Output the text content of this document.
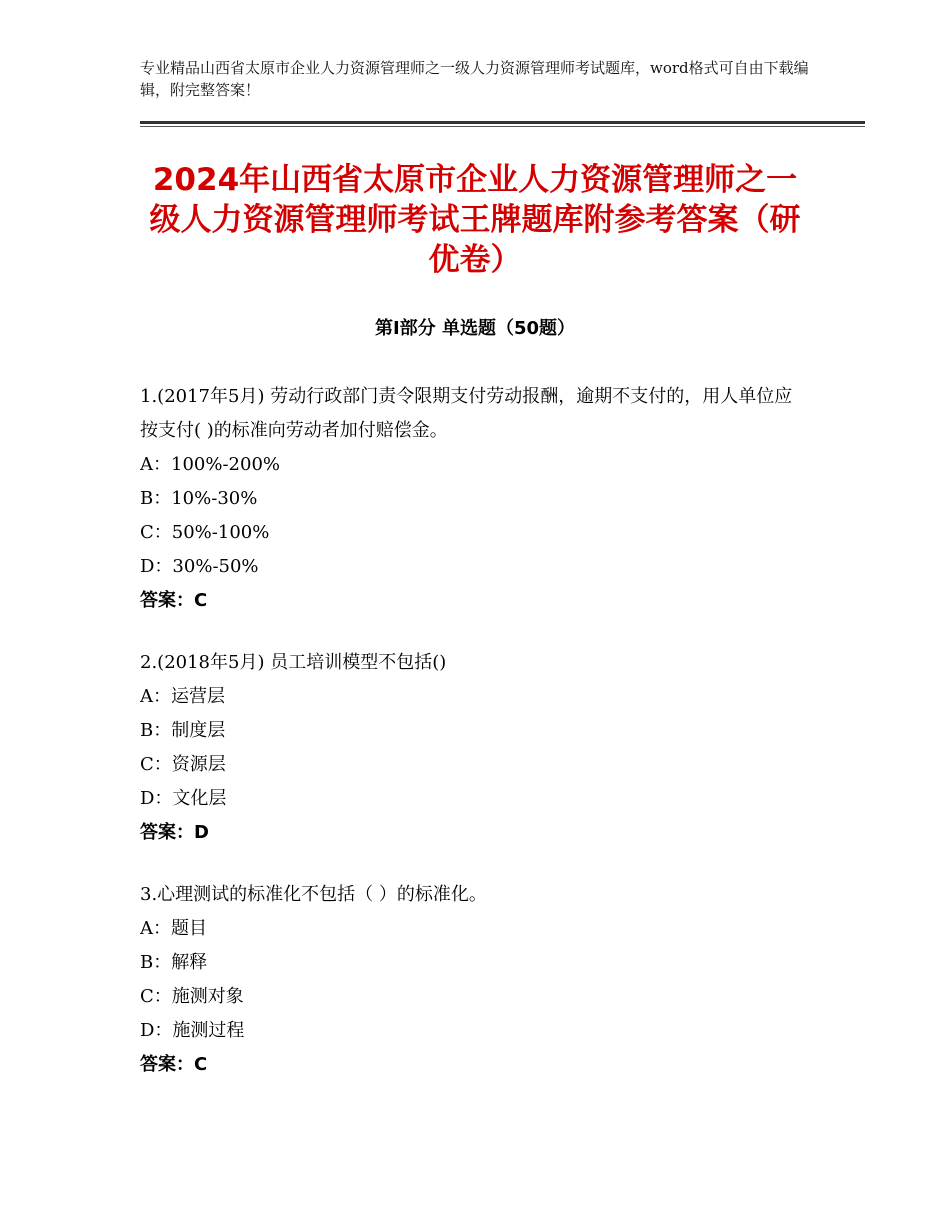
专业精品山西省太原市企业人力资源管理师之一级人力资源管理师考试题库，word格式可自由下载编辑，附完整答案！
2024年山西省太原市企业人力资源管理师之一级人力资源管理师考试王牌题库附参考答案（研优卷）
第Ⅰ部分 单选题（50题）

1.(2017年5月) 劳动行政部门责令限期支付劳动报酬，逾期不支付的，用人单位应按支付( )的标准向劳动者加付赔偿金。

A：100%-200%

B：10%-30%

C：50%-100%

D：30%-50%

答案：C

2.(2018年5月) 员工培训模型不包括()

A：运营层

B：制度层

C：资源层

D：文化层

答案：D

3.心理测试的标准化不包括（ ）的标准化。

A：题目

B：解释

C：施测对象

D：施测过程

答案：C
